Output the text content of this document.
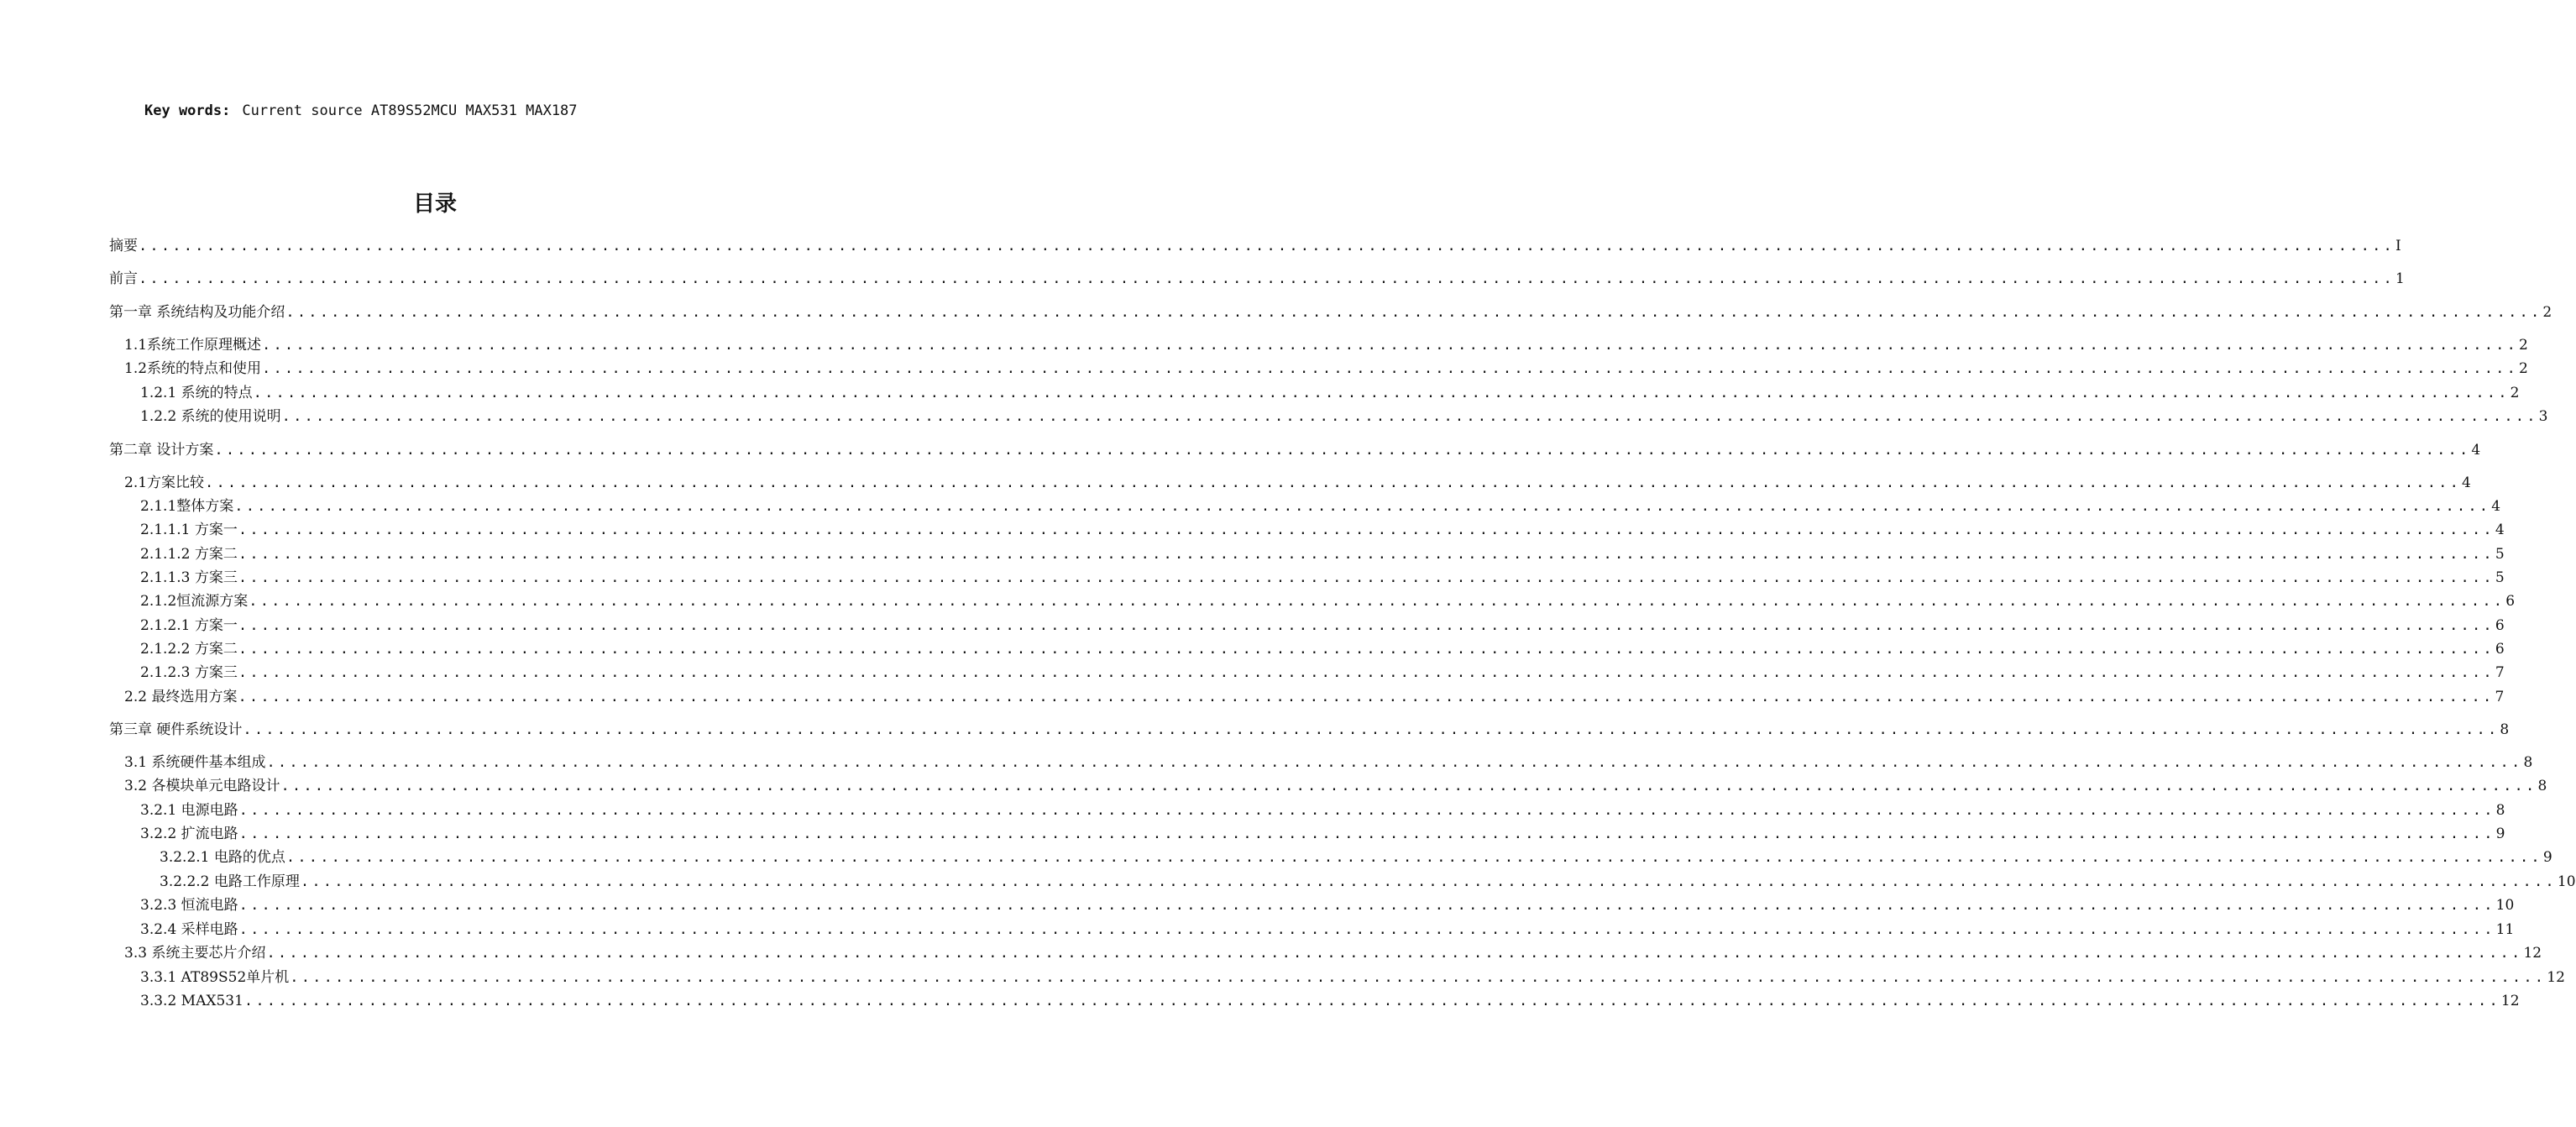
Key words: Current source AT89S52MCU MAX531 MAX187
目录
摘要 ........................................................................................................................................................................................................ I
前言 ........................................................................................................................................................................................................ 1
第一章 系统结构及功能介绍 ........................................................................................................................................................................................................ 2
1.1系统工作原理概述 ........................................................................................................................................................................................................ 2
1.2系统的特点和使用 ........................................................................................................................................................................................................ 2
1.2.1 系统的特点 ........................................................................................................................................................................................................ 2
1.2.2 系统的使用说明 ........................................................................................................................................................................................................ 3
第二章 设计方案 ........................................................................................................................................................................................................ 4
2.1方案比较 ........................................................................................................................................................................................................ 4
2.1.1整体方案 ........................................................................................................................................................................................................ 4
2.1.1.1 方案一 ........................................................................................................................................................................................................ 4
2.1.1.2 方案二 ........................................................................................................................................................................................................ 5
2.1.1.3 方案三 ........................................................................................................................................................................................................ 5
2.1.2恒流源方案 ........................................................................................................................................................................................................ 6
2.1.2.1 方案一 ........................................................................................................................................................................................................ 6
2.1.2.2 方案二 ........................................................................................................................................................................................................ 6
2.1.2.3 方案三 ........................................................................................................................................................................................................ 7
2.2 最终选用方案 ........................................................................................................................................................................................................ 7
第三章 硬件系统设计 ........................................................................................................................................................................................................ 8
3.1 系统硬件基本组成 ........................................................................................................................................................................................................ 8
3.2 各模块单元电路设计 ........................................................................................................................................................................................................ 8
3.2.1 电源电路 ........................................................................................................................................................................................................ 8
3.2.2 扩流电路 ........................................................................................................................................................................................................ 9
3.2.2.1 电路的优点 ........................................................................................................................................................................................................ 9
3.2.2.2 电路工作原理 ........................................................................................................................................................................................................ 10
3.2.3 恒流电路 ........................................................................................................................................................................................................ 10
3.2.4 采样电路 ........................................................................................................................................................................................................ 11
3.3 系统主要芯片介绍 ........................................................................................................................................................................................................ 12
3.3.1 AT89S52单片机 ........................................................................................................................................................................................................ 12
3.3.2 MAX531 ........................................................................................................................................................................................................ 12
